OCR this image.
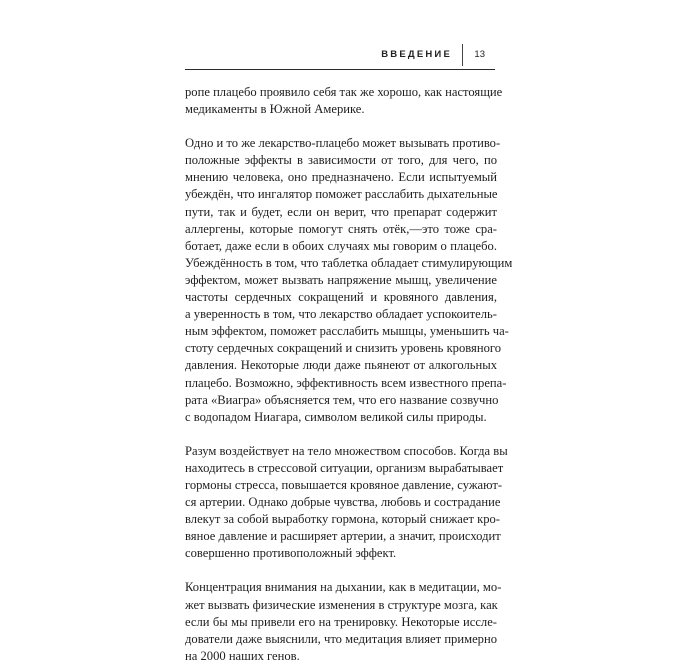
ВВЕДЕНИЕ 13
ропе плацебо проявило себя так же хорошо, как настоящие
медикаменты в Южной Америке.
Одно и то же лекарство-плацебо может вызывать противо-
положные эффекты в зависимости от того, для чего, по
мнению человека, оно предназначено. Если испытуемый
убеждён, что ингалятор поможет расслабить дыхательные
пути, так и будет, если он верит, что препарат содержит
аллергены, которые помогут снять отёк,—это тоже сра-
ботает, даже если в обоих случаях мы говорим о плацебо.
Убеждённость в том, что таблетка обладает стимулирующим
эффектом, может вызвать напряжение мышц, увеличение
частоты сердечных сокращений и кровяного давления,
а уверенность в том, что лекарство обладает успокоитель-
ным эффектом, поможет расслабить мышцы, уменьшить ча-
стоту сердечных сокращений и снизить уровень кровяного
давления. Некоторые люди даже пьянеют от алкогольных
плацебо. Возможно, эффективность всем известного препа-
рата «Виагра» объясняется тем, что его название созвучно
с водопадом Ниагара, символом великой силы природы.
Разум воздействует на тело множеством способов. Когда вы
находитесь в стрессовой ситуации, организм вырабатывает
гормоны стресса, повышается кровяное давление, сужают-
ся артерии. Однако добрые чувства, любовь и сострадание
влекут за собой выработку гормона, который снижает кро-
вяное давление и расширяет артерии, а значит, происходит
совершенно противоположный эффект.
Концентрация внимания на дыхании, как в медитации, мо-
жет вызвать физические изменения в структуре мозга, как
если бы мы привели его на тренировку. Некоторые иссле-
дователи даже выяснили, что медитация влияет примерно
на 2000 наших генов.
